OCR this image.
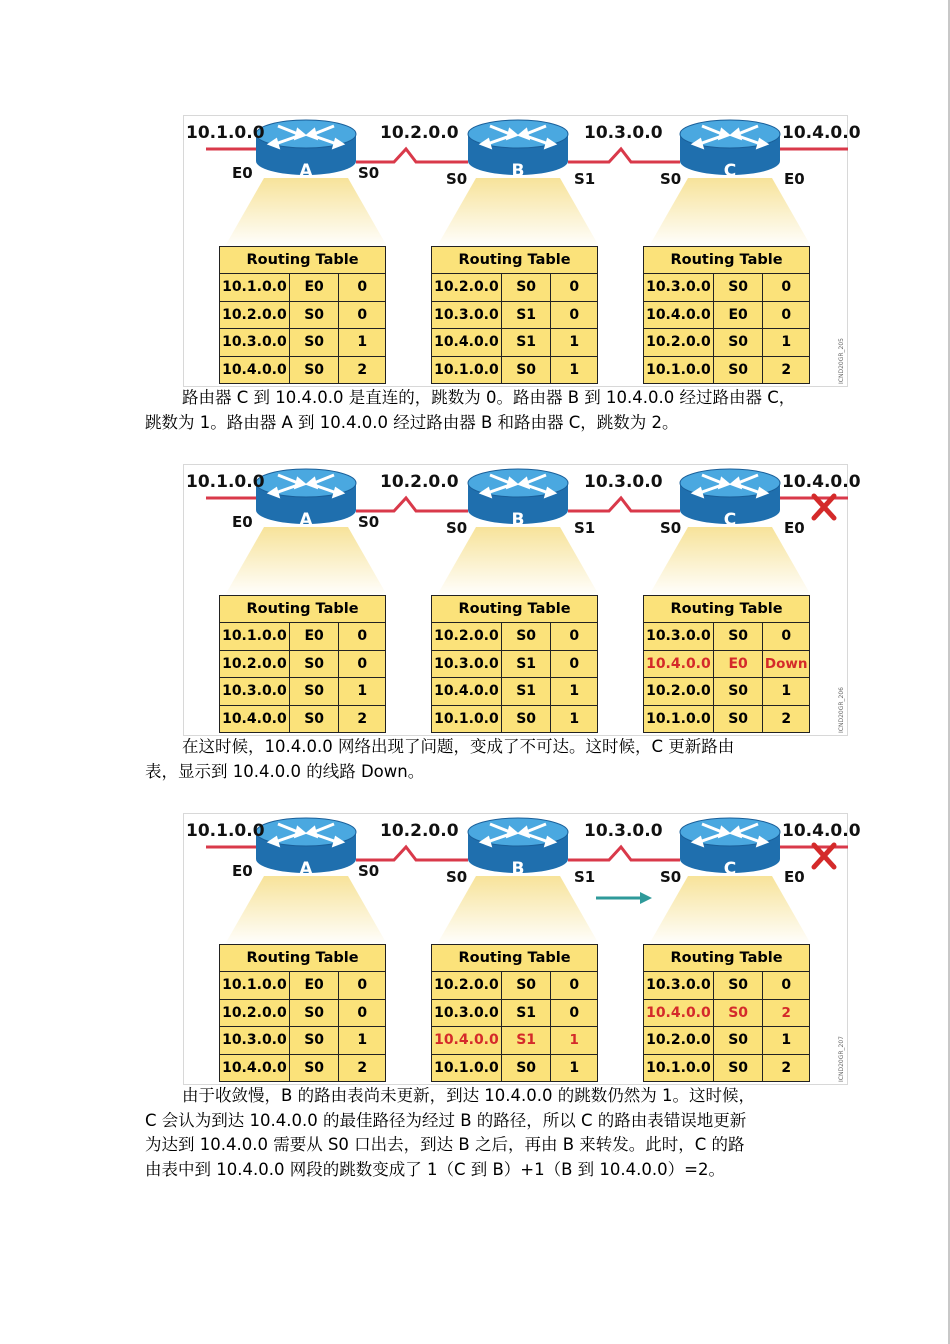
A	B	C
10.1.0.0	10.2.0.0	10.3.0.0	10.4.0.0
E0	S0	S0	S1	S0	E0
Routing Table		
10.1.0.0	E0	0
10.2.0.0	S0	0
10.3.0.0	S0	1
10.4.0.0	S0	2
Routing Table		
10.2.0.0	S0	0
10.3.0.0	S1	0
10.4.0.0	S1	1
10.1.0.0	S0	1
Routing Table		
10.3.0.0	S0	0
10.4.0.0	E0	0
10.2.0.0	S0	1
10.1.0.0	S0	2	ICND20GR_205
A	B	C
10.1.0.0	10.2.0.0	10.3.0.0	10.4.0.0
E0	S0	S0	S1	S0	E0
Routing Table		
10.1.0.0	E0	0
10.2.0.0	S0	0
10.3.0.0	S0	1
10.4.0.0	S0	2
Routing Table		
10.2.0.0	S0	0
10.3.0.0	S1	0
10.4.0.0	S1	1
10.1.0.0	S0	1
Routing Table		
10.3.0.0	S0	0
10.4.0.0	E0	Down
10.2.0.0	S0	1
10.1.0.0	S0	2	ICND20GR_206
A	B	C
10.1.0.0	10.2.0.0	10.3.0.0	10.4.0.0
E0	S0	S0	S1	S0	E0
Routing Table		
10.1.0.0	E0	0
10.2.0.0	S0	0
10.3.0.0	S0	1
10.4.0.0	S0	2
Routing Table		
10.2.0.0	S0	0
10.3.0.0	S1	0
10.4.0.0	S1	1
10.1.0.0	S0	1
Routing Table		
10.3.0.0	S0	0
10.4.0.0	S0	2
10.2.0.0	S0	1
10.1.0.0	S0	2	ICND20GR_207

路由器 C 到 10.4.0.0 是直连的，跳数为 0。路由器 B 到 10.4.0.0 经过路由器 C，
跳数为 1。路由器 A 到 10.4.0.0 经过路由器 B 和路由器 C，跳数为 2。

在这时候，10.4.0.0 网络出现了问题，变成了不可达。这时候，C 更新路由
表，显示到 10.4.0.0 的线路 Down。

由于收敛慢，B 的路由表尚未更新，到达 10.4.0.0 的跳数仍然为 1。这时候，
C 会认为到达 10.4.0.0 的最佳路径为经过 B 的路径，所以 C 的路由表错误地更新
为达到 10.4.0.0 需要从 S0 口出去，到达 B 之后，再由 B 来转发。此时，C 的路
由表中到 10.4.0.0 网段的跳数变成了 1（C 到 B）+1（B 到 10.4.0.0）=2。
